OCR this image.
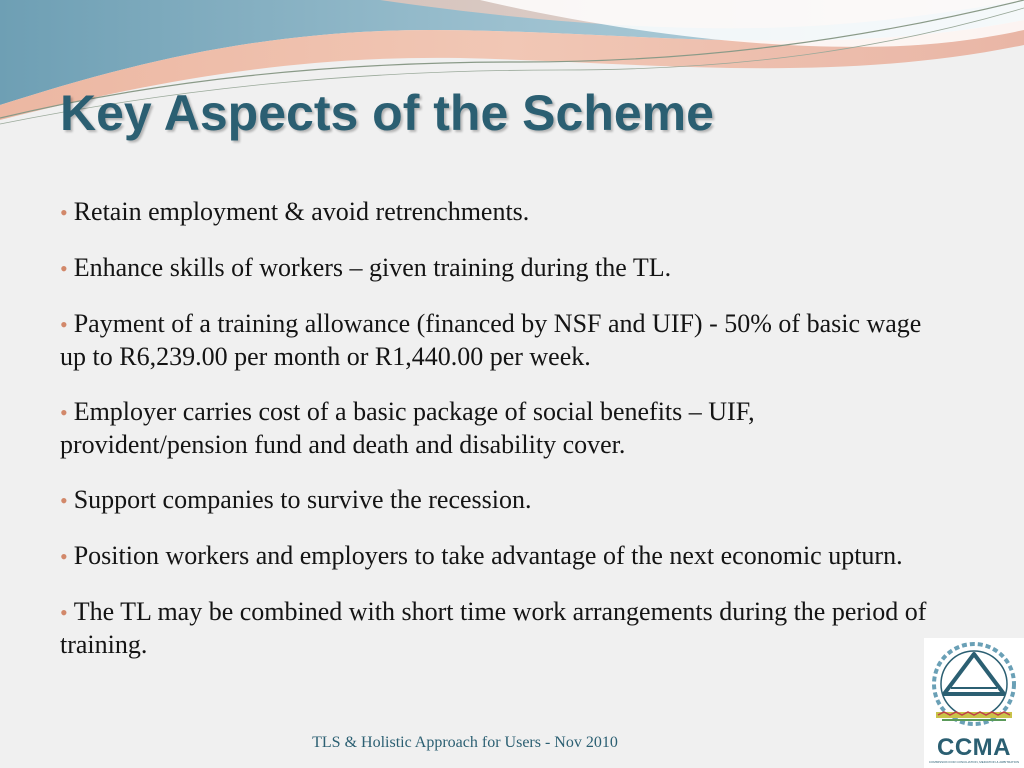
Key Aspects of the Scheme
• Retain employment & avoid retrenchments.
• Enhance skills of workers – given training during the TL.
• Payment of a training allowance (financed by NSF and UIF) - 50% of basic wage up to R6,239.00 per month or R1,440.00 per week.
• Employer carries cost of a basic package of social benefits – UIF, provident/pension fund and death and disability cover.
• Support companies to survive the recession.
• Position workers and employers to take advantage of the next economic upturn.
• The TL may be combined with short time work arrangements during the period of training.
TLS & Holistic Approach for Users - Nov 2010	CCMA
COMMISSION FOR CONCILIATION, MEDIATION & ARBITRATION
